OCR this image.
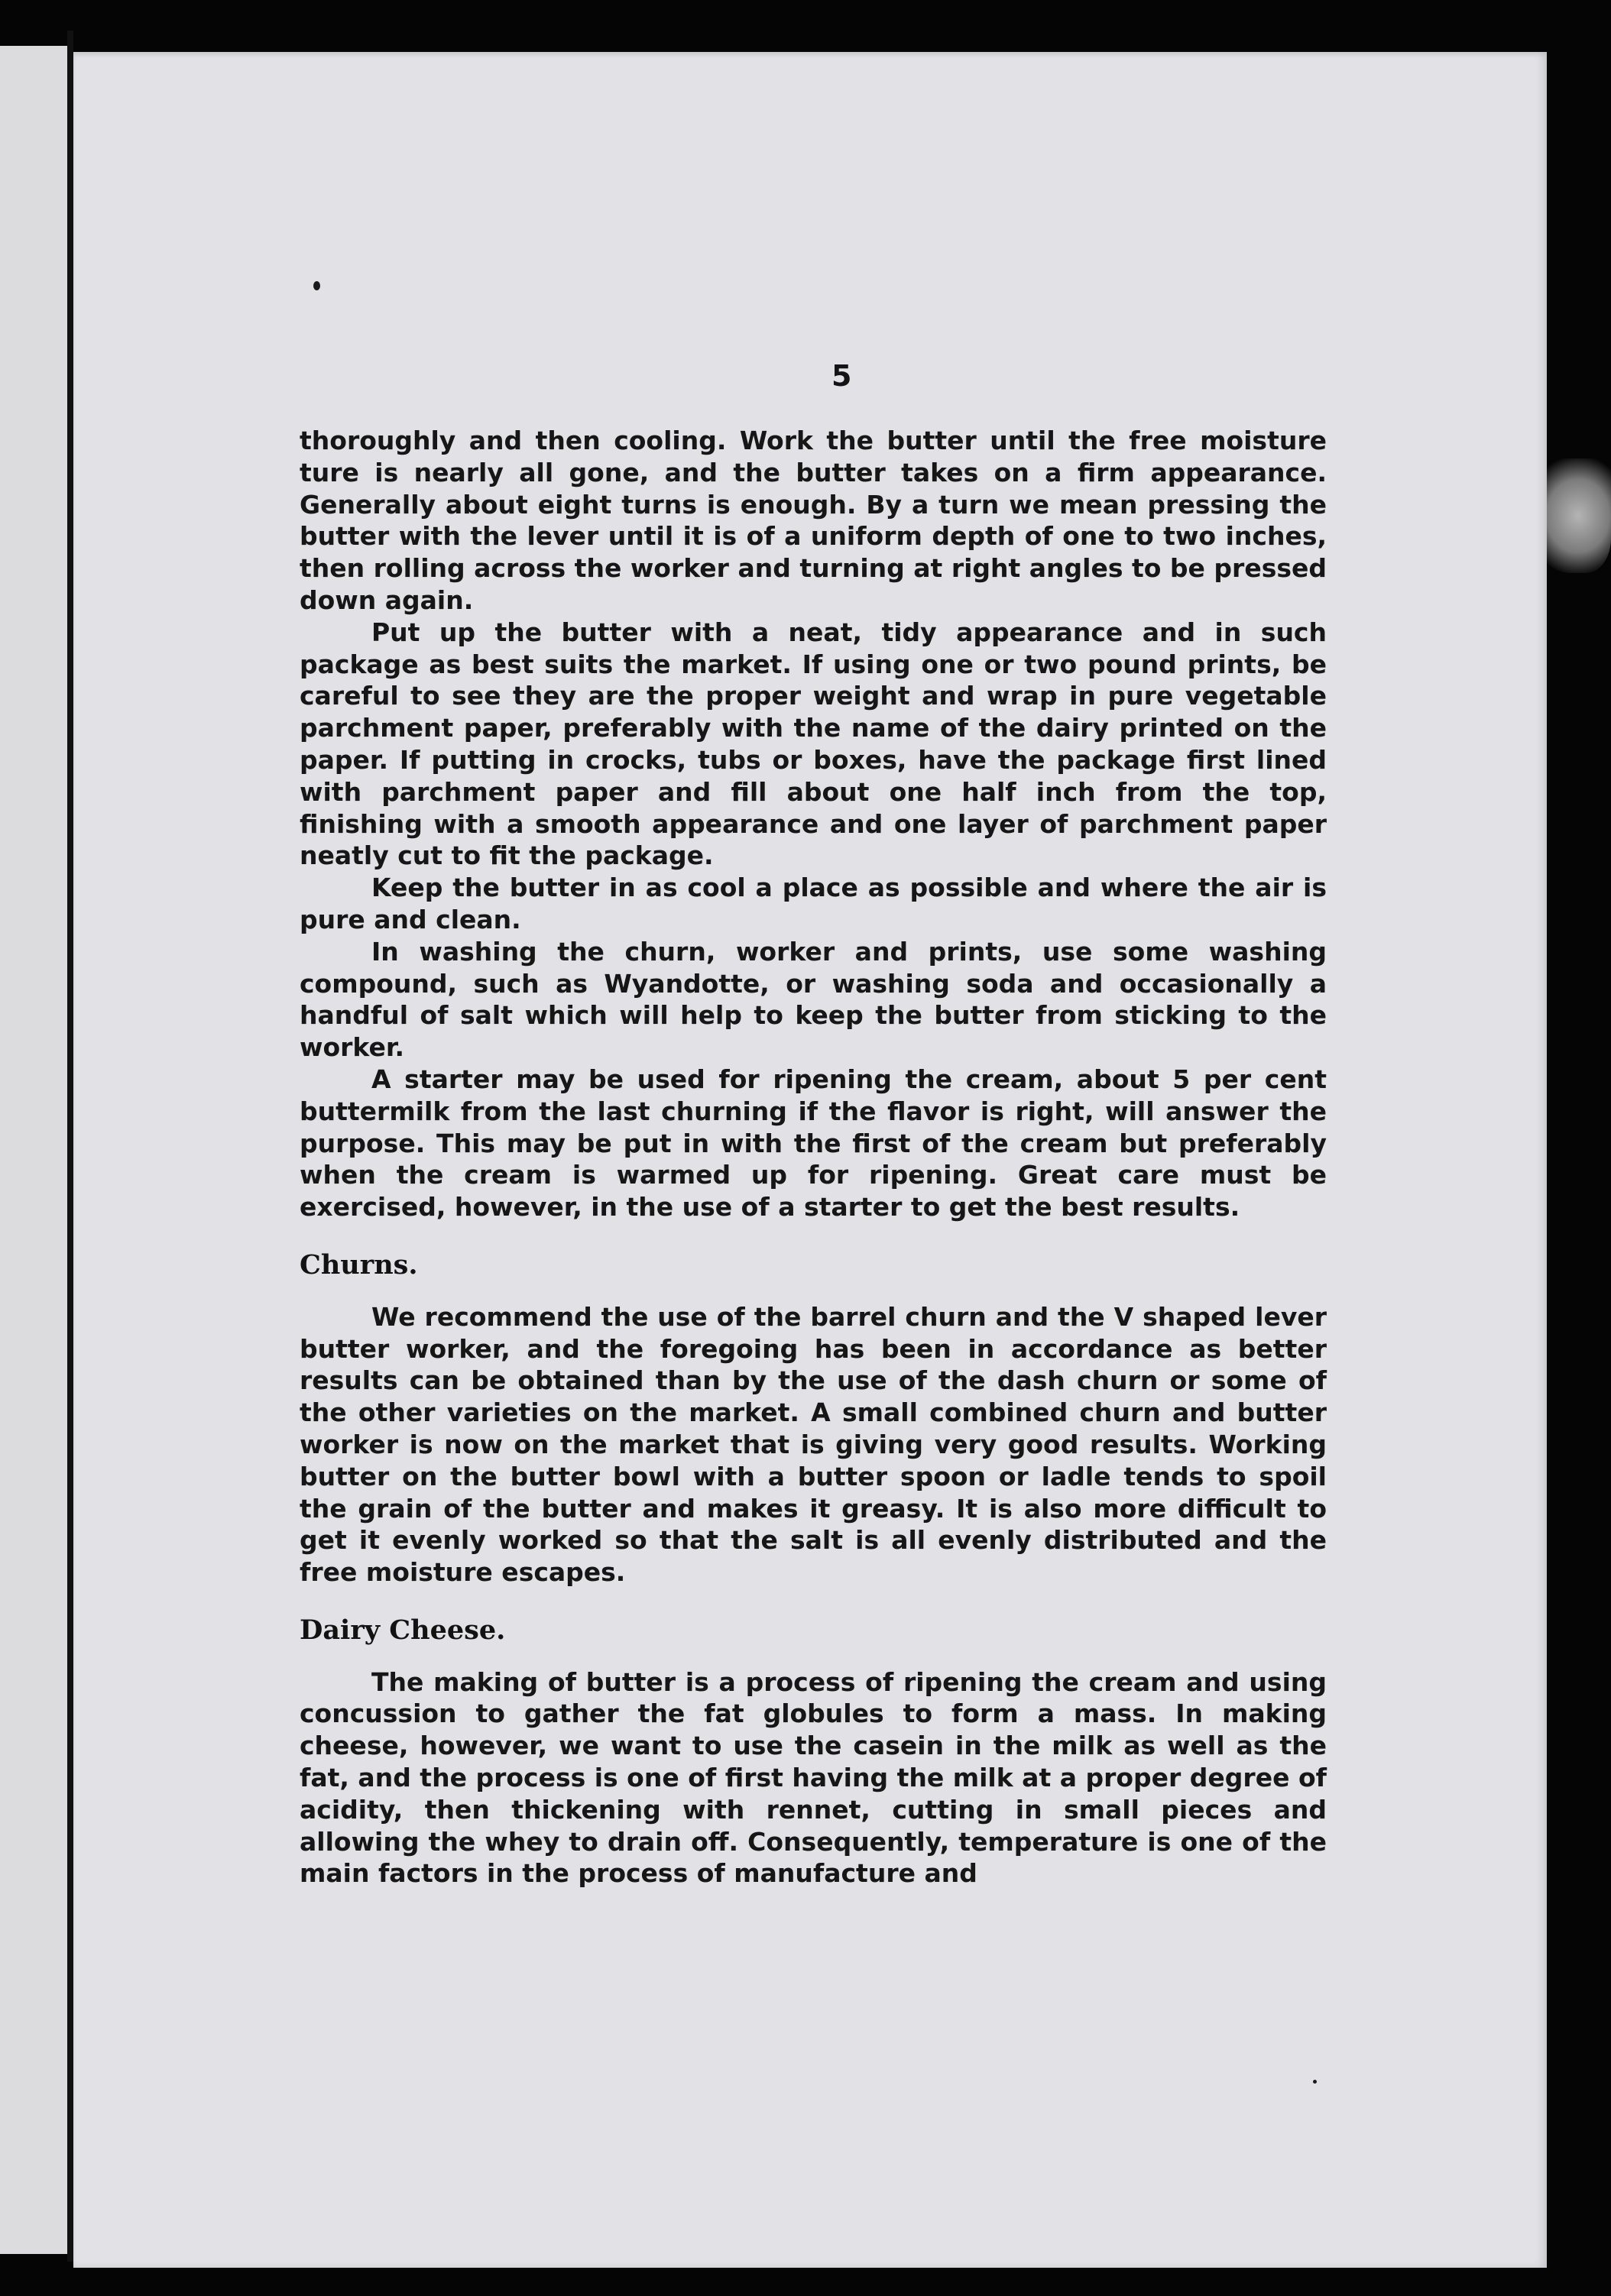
5

thoroughly and then cooling. Work the butter until the free moisture ture is nearly all gone, and the butter takes on a firm appearance. Generally about eight turns is enough. By a turn we mean pressing the butter with the lever until it is of a uniform depth of one to two inches, then rolling across the worker and turning at right angles to be pressed down again.

Put up the butter with a neat, tidy appearance and in such package as best suits the market. If using one or two pound prints, be careful to see they are the proper weight and wrap in pure vegetable parchment paper, preferably with the name of the dairy printed on the paper. If putting in crocks, tubs or boxes, have the package first lined with parchment paper and fill about one half inch from the top, finishing with a smooth appearance and one layer of parchment paper neatly cut to fit the package.

Keep the butter in as cool a place as possible and where the air is pure and clean.

In washing the churn, worker and prints, use some washing compound, such as Wyandotte, or washing soda and occasionally a handful of salt which will help to keep the butter from sticking to the worker.

A starter may be used for ripening the cream, about 5 per cent buttermilk from the last churning if the flavor is right, will answer the purpose. This may be put in with the first of the cream but preferably when the cream is warmed up for ripening. Great care must be exercised, however, in the use of a starter to get the best results.

Churns.

We recommend the use of the barrel churn and the V shaped lever butter worker, and the foregoing has been in accordance as better results can be obtained than by the use of the dash churn or some of the other varieties on the market. A small combined churn and butter worker is now on the market that is giving very good results. Working butter on the butter bowl with a butter spoon or ladle tends to spoil the grain of the butter and makes it greasy. It is also more difficult to get it evenly worked so that the salt is all evenly distributed and the free moisture escapes.

Dairy Cheese.

The making of butter is a process of ripening the cream and using concussion to gather the fat globules to form a mass. In making cheese, however, we want to use the casein in the milk as well as the fat, and the process is one of first having the milk at a proper degree of acidity, then thickening with rennet, cutting in small pieces and allowing the whey to drain off. Consequently, temperature is one of the main factors in the process of manufacture and
